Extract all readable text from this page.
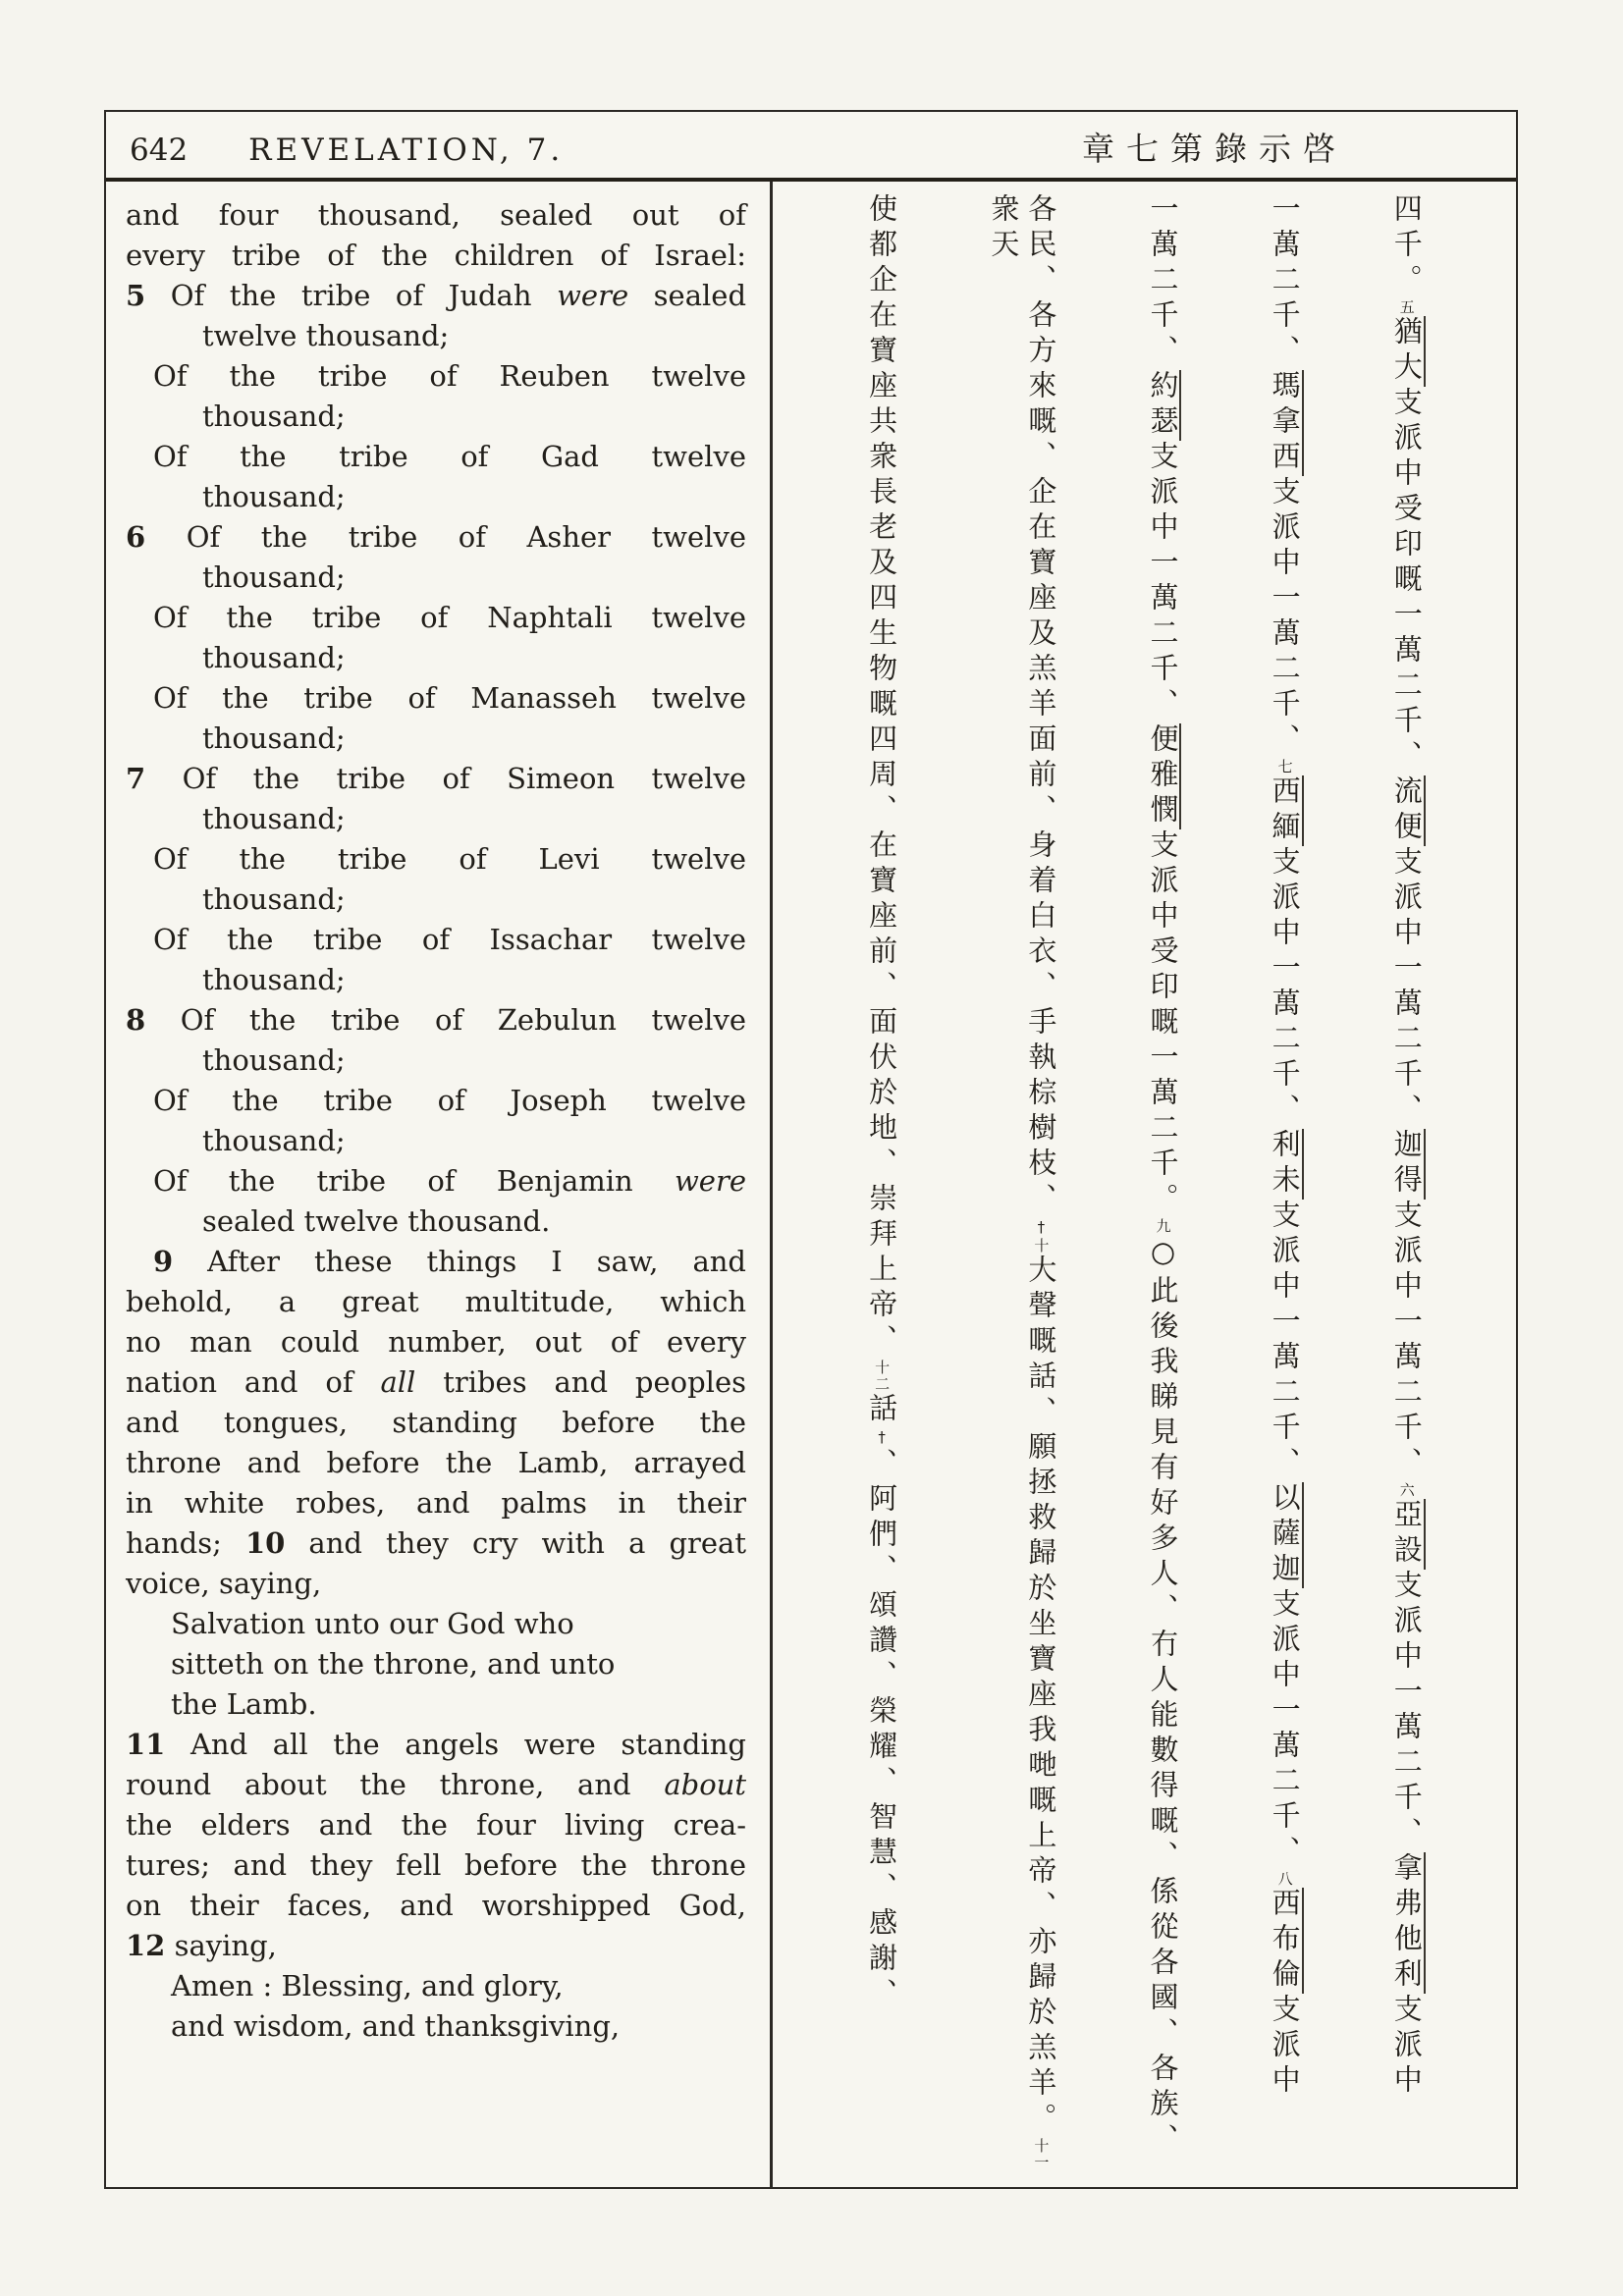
642 REVELATION, 7.	章七第錄示啓
and four thousand, sealed out of
every tribe of the children of Israel:
5 Of the tribe of Judah were sealed
twelve thousand;
Of the tribe of Reuben twelve
thousand;
Of the tribe of Gad twelve
thousand;
6 Of the tribe of Asher twelve
thousand;
Of the tribe of Naphtali twelve
thousand;
Of the tribe of Manasseh twelve
thousand;
7 Of the tribe of Simeon twelve
thousand;
Of the tribe of Levi twelve
thousand;
Of the tribe of Issachar twelve
thousand;
8 Of the tribe of Zebulun twelve
thousand;
Of the tribe of Joseph twelve
thousand;
Of the tribe of Benjamin were
sealed twelve thousand.
9 After these things I saw, and
behold, a great multitude, which
no man could number, out of every
nation and of all tribes and peoples
and tongues, standing before the
throne and before the Lamb, arrayed
in white robes, and palms in their
hands; 10 and they cry with a great
voice, saying,
Salvation unto our God who
sitteth on the throne, and unto
the Lamb.
11 And all the angels were standing
round about the throne, and about
the elders and the four living crea-
tures; and they fell before the throne
on their faces, and worshipped God,
12 saying,
Amen : Blessing, and glory,
and wisdom, and thanksgiving,
四千。五猶大支派中受印嘅一萬二千、流便支派中一萬二千、迦得支派中一萬二千、六亞設支派中一萬二千、拿弗他利支派中
一萬二千、瑪拿西支派中一萬二千、七西緬支派中一萬二千、利未支派中一萬二千、以薩迦支派中一萬二千、八西布倫支派中
一萬二千、約瑟支派中一萬二千、便雅憫支派中受印嘅一萬二千。九○此後我睇見有好多人、冇人能數得嘅、係從各國、各族、
各民、各方來嘅、企在寶座及羔羊面前、身着白衣、手執棕樹枝、†十大聲嘅話、願拯救歸於坐寶座我哋嘅上帝、亦歸於羔羊。十一衆天
使都企在寶座共衆長老及四生物嘅四周、在寶座前、面伏於地、崇拜上帝、十二話†、阿們、頌讚、榮耀、智慧、感謝、
